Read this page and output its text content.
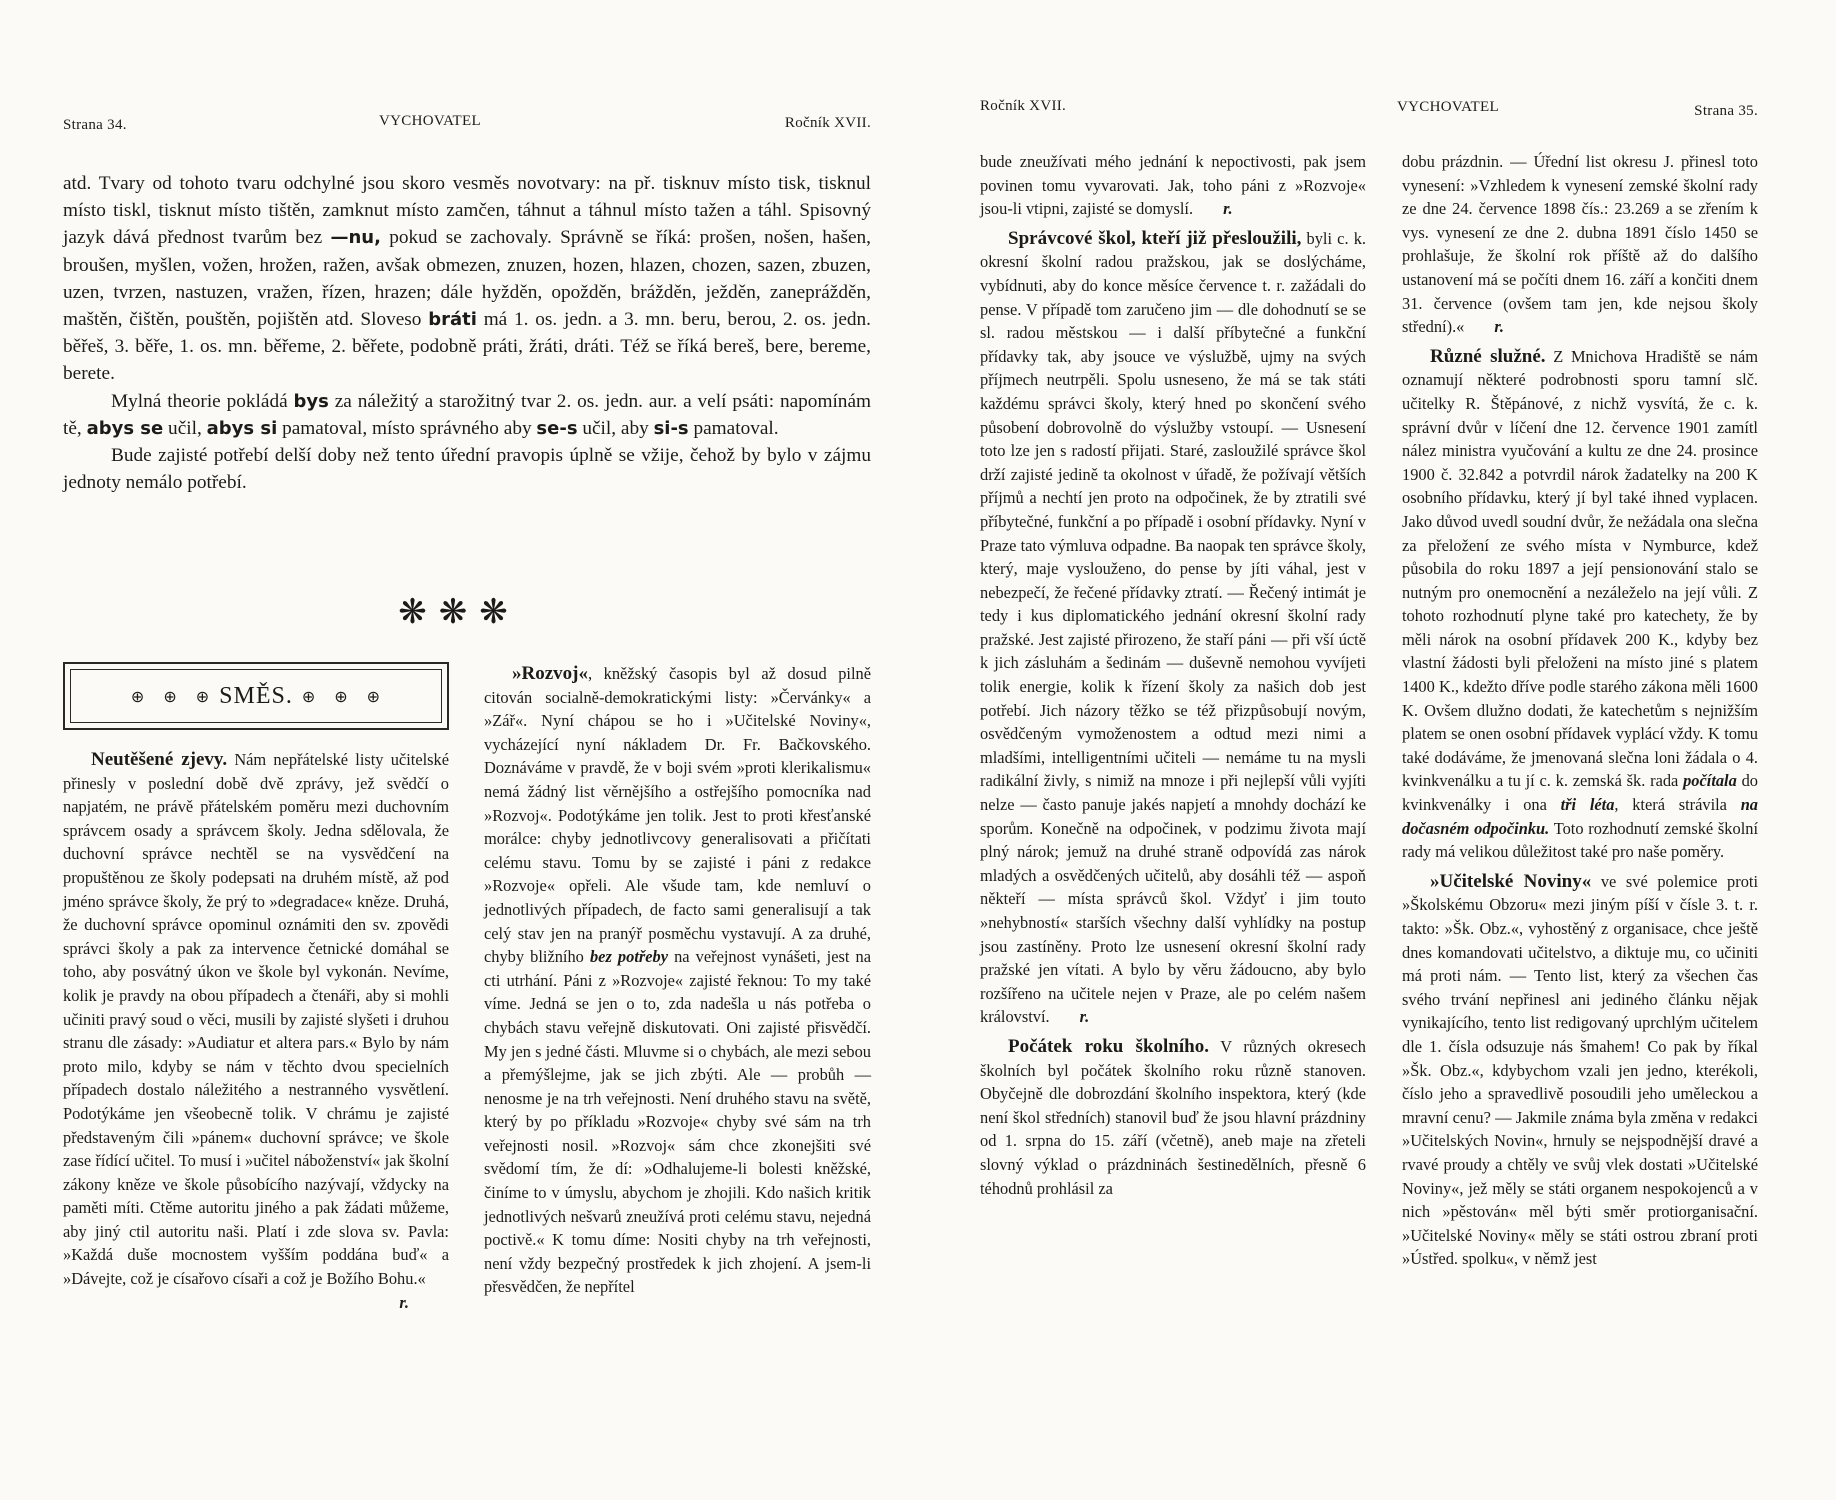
Strana 34.	VYCHOVATEL	Ročník XVII.

atd. Tvary od tohoto tvaru odchylné jsou skoro vesměs novotvary: na př. tisknuv místo tisk, tisknul místo tiskl, tisknut místo tištěn, zamknut místo zamčen, táhnut a táhnul místo tažen a táhl. Spisovný jazyk dává přednost tvarům bez —nu, pokud se zachovaly. Správně se říká: prošen, nošen, hašen, broušen, myšlen, vožen, hrožen, ražen, avšak obmezen, znuzen, hozen, hlazen, chozen, sazen, zbuzen, uzen, tvrzen, nastuzen, vražen, řízen, hrazen; dále hyžděn, opožděn, brážděn, ježděn, zaneprážděn, maštěn, čištěn, pouštěn, pojištěn atd. Sloveso bráti má 1. os. jedn. a 3. mn. beru, berou, 2. os. jedn. běřeš, 3. běře, 1. os. mn. běřeme, 2. běřete, podobně práti, žráti, dráti. Též se říká bereš, bere, bereme, berete.

Mylná theorie pokládá bys za náležitý a starožitný tvar 2. os. jedn. aur. a velí psáti: napomínám tě, abys se učil, abys si pamatoval, místo správného aby se-s učil, aby si-s pamatoval.

Bude zajisté potřebí delší doby než tento úřední pravopis úplně se vžije, čehož by bylo v zájmu jednoty nemálo potřebí.

❋❋❋
⊕ ⊕ ⊕ SMĚS. ⊕ ⊕ ⊕

Neutěšené zjevy. Nám nepřátelské listy učitelské přinesly v poslední době dvě zprávy, jež svědčí o napjatém, ne právě přátelském poměru mezi duchovním správcem osady a správcem školy. Jedna sdělovala, že duchovní správce nechtěl se na vysvědčení na propuštěnou ze školy podepsati na druhém místě, až pod jméno správce školy, že prý to »degradace« kněze. Druhá, že duchovní správce opominul oznámiti den sv. zpovědi správci školy a pak za intervence četnické domáhal se toho, aby posvátný úkon ve škole byl vykonán. Nevíme, kolik je pravdy na obou případech a čtenáři, aby si mohli učiniti pravý soud o věci, musili by zajisté slyšeti i druhou stranu dle zásady: »Audiatur et altera pars.« Bylo by nám proto milo, kdyby se nám v těchto dvou specielních případech dostalo náležitého a nestranného vysvětlení. Podotýkáme jen všeobecně tolik. V chrámu je zajisté představeným čili »pánem« duchovní správce; ve škole zase řídící učitel. To musí i »učitel náboženství« jak školní zákony kněze ve škole působícího nazývají, vždycky na paměti míti. Ctěme autoritu jiného a pak žádati můžeme, aby jiný ctil autoritu naši. Platí i zde slova sv. Pavla: »Každá duše mocnostem vyšším poddána buď« a »Dávejte, což je císařovo císaři a což je Božího Bohu.«

r.

»Rozvoj«, kněžský časopis byl až dosud pilně citován socialně-demokratickými listy: »Červánky« a »Zář«. Nyní chápou se ho i »Učitelské Noviny«, vycházející nyní nákladem Dr. Fr. Bačkovského. Doznáváme v pravdě, že v boji svém »proti klerikalismu« nemá žádný list věrnějšího a ostřejšího pomocníka nad »Rozvoj«. Podotýkáme jen tolik. Jest to proti křesťanské morálce: chyby jednotlivcovy generalisovati a přičítati celému stavu. Tomu by se zajisté i páni z redakce »Rozvoje« opřeli. Ale všude tam, kde nemluví o jednotlivých případech, de facto sami generalisují a tak celý stav jen na pranýř posměchu vystavují. A za druhé, chyby bližního bez potřeby na veřejnost vynášeti, jest na cti utrhání. Páni z »Rozvoje« zajisté řeknou: To my také víme. Jedná se jen o to, zda nadešla u nás potřeba o chybách stavu veřejně diskutovati. Oni zajisté přisvědčí. My jen s jedné části. Mluvme si o chybách, ale mezi sebou a přemýšlejme, jak se jich zbýti. Ale — probůh — nenosme je na trh veřejnosti. Není druhého stavu na světě, který by po příkladu »Rozvoje« chyby své sám na trh veřejnosti nosil. »Rozvoj« sám chce zkonejšiti své svědomí tím, že dí: »Odhalujeme-li bolesti kněžské, činíme to v úmyslu, abychom je zhojili. Kdo našich kritik jednotlivých nešvarů zneužívá proti celému stavu, nejedná poctivě.« K tomu díme: Nositi chyby na trh veřejnosti, není vždy bezpečný prostředek k jich zhojení. A jsem-li přesvědčen, že nepřítel

Ročník XVII.	VYCHOVATEL	Strana 35.

bude zneužívati mého jednání k nepoctivosti, pak jsem povinen tomu vyvarovati. Jak, toho páni z »Rozvoje« jsou-li vtipni, zajisté se domyslí. r.

Správcové škol, kteří již přesloužili, byli c. k. okresní školní radou pražskou, jak se doslýcháme, vybídnuti, aby do konce měsíce července t. r. zažádali do pense. V případě tom zaručeno jim — dle dohodnutí se se sl. radou městskou — i další příbytečné a funkční přídavky tak, aby jsouce ve výslužbě, ujmy na svých příjmech neutrpěli. Spolu usneseno, že má se tak státi každému správci školy, který hned po skončení svého působení dobrovolně do výslužby vstoupí. — Usnesení toto lze jen s radostí přijati. Staré, zasloužilé správce škol drží zajisté jedině ta okolnost v úřadě, že požívají větších příjmů a nechtí jen proto na odpočinek, že by ztratili své příbytečné, funkční a po případě i osobní přídavky. Nyní v Praze tato výmluva odpadne. Ba naopak ten správce školy, který, maje vyslouženo, do pense by jíti váhal, jest v nebezpečí, že řečené přídavky ztratí. — Řečený intimát je tedy i kus diplomatického jednání okresní školní rady pražské. Jest zajisté přirozeno, že staří páni — při vší úctě k jich zásluhám a šedinám — duševně nemohou vyvíjeti tolik energie, kolik k řízení školy za našich dob jest potřebí. Jich názory těžko se též přizpůsobují novým, osvědčeným vymoženostem a odtud mezi nimi a mladšími, intelligentními učiteli — nemáme tu na mysli radikální živly, s nimiž na mnoze i při nejlepší vůli vyjíti nelze — často panuje jakés napjetí a mnohdy dochází ke sporům. Konečně na odpočinek, v podzimu života mají plný nárok; jemuž na druhé straně odpovídá zas nárok mladých a osvědčených učitelů, aby dosáhli též — aspoň někteří — místa správců škol. Vždyť i jim touto »nehybností« starších všechny další vyhlídky na postup jsou zastíněny. Proto lze usnesení okresní školní rady pražské jen vítati. A bylo by věru žádoucno, aby bylo rozšířeno na učitele nejen v Praze, ale po celém našem království. r.

Počátek roku školního. V různých okresech školních byl počátek školního roku různě stanoven. Obyčejně dle dobrozdání školního inspektora, který (kde není škol středních) stanovil buď že jsou hlavní prázdniny od 1. srpna do 15. září (včetně), aneb maje na zřeteli slovný výklad o prázdninách šestinedělních, přesně 6 téhodnů prohlásil za

dobu prázdnin. — Úřední list okresu J. přinesl toto vynesení: »Vzhledem k vynesení zemské školní rady ze dne 24. července 1898 čís.: 23.269 a se zřením k vys. vynesení ze dne 2. dubna 1891 číslo 1450 se prohlašuje, že školní rok příště až do dalšího ustanovení má se počíti dnem 16. září a končiti dnem 31. července (ovšem tam jen, kde nejsou školy střední).« r.

Různé služné. Z Mnichova Hradiště se nám oznamují některé podrobnosti sporu tamní slč. učitelky R. Štěpánové, z nichž vysvítá, že c. k. správní dvůr v líčení dne 12. července 1901 zamítl nález ministra vyučování a kultu ze dne 24. prosince 1900 č. 32.842 a potvrdil nárok žadatelky na 200 K osobního přídavku, který jí byl také ihned vyplacen. Jako důvod uvedl soudní dvůr, že nežádala ona slečna za přeložení ze svého místa v Nymburce, kdež působila do roku 1897 a její pensionování stalo se nutným pro onemocnění a nezáleželo na její vůli. Z tohoto rozhodnutí plyne také pro katechety, že by měli nárok na osobní přídavek 200 K., kdyby bez vlastní žádosti byli přeloženi na místo jiné s platem 1400 K., kdežto dříve podle starého zákona měli 1600 K. Ovšem dlužno dodati, že katechetům s nejnižším platem se onen osobní přídavek vyplácí vždy. K tomu také dodáváme, že jmenovaná slečna loni žádala o 4. kvinkvenálku a tu jí c. k. zemská šk. rada počítala do kvinkvenálky i ona tři léta, která strávila na dočasném odpočinku. Toto rozhodnutí zemské školní rady má velikou důležitost také pro naše poměry.

»Učitelské Noviny« ve své polemice proti »Školskému Obzoru« mezi jiným píší v čísle 3. t. r. takto: »Šk. Obz.«, vyhostěný z organisace, chce ještě dnes komandovati učitelstvo, a diktuje mu, co učiniti má proti nám. — Tento list, který za všechen čas svého trvání nepřinesl ani jediného článku nějak vynikajícího, tento list redigovaný uprchlým učitelem dle 1. čísla odsuzuje nás šmahem! Co pak by říkal »Šk. Obz.«, kdybychom vzali jen jedno, kterékoli, číslo jeho a spravedlivě posoudili jeho uměleckou a mravní cenu? — Jakmile známa byla změna v redakci »Učitelských Novin«, hrnuly se nejspodnější dravé a rvavé proudy a chtěly ve svůj vlek dostati »Učitelské Noviny«, jež měly se státi organem nespokojenců a v nich »pěstován« měl býti směr protiorganisační. »Učitelské Noviny« měly se státi ostrou zbraní proti »Ústřed. spolku«, v němž jest
